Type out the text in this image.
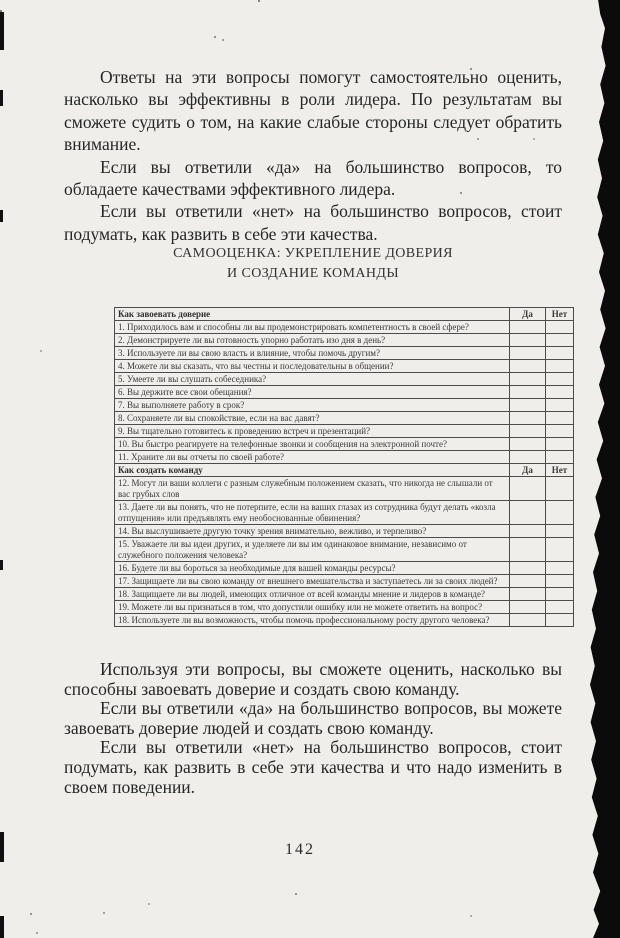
Ответы на эти вопросы помогут самостоятельно оценить, насколько вы эффективны в роли лидера. По результатам вы сможете судить о том, на какие слабые стороны следует обратить внимание.

Если вы ответили «да» на большинство вопросов, то обладаете качествами эффективного лидера.

Если вы ответили «нет» на большинство вопросов, стоит подумать, как развить в себе эти качества.

САМООЦЕНКА: УКРЕПЛЕНИЕ ДОВЕРИЯ
И СОЗДАНИЕ КОМАНДЫ
Как завоевать доверие	Да	Нет
1. Приходилось вам и способны ли вы продемонстрировать компетентность в своей сфере?		
2. Демонстрируете ли вы готовность упорно работать изо дня в день?		
3. Используете ли вы свою власть и влияние, чтобы помочь другим?		
4. Можете ли вы сказать, что вы честны и последовательны в общении?		
5. Умеете ли вы слушать собеседника?		
6. Вы держите все свои обещания?		
7. Вы выполняете работу в срок?		
8. Сохраняете ли вы спокойствие, если на вас давят?		
9. Вы тщательно готовитесь к проведению встреч и презентаций?		
10. Вы быстро реагируете на телефонные звонки и сообщения на электронной почте?		
11. Храните ли вы отчеты по своей работе?		
Как создать команду	Да	Нет
12. Могут ли ваши коллеги с разным служебным положением сказать, что никогда не слышали от вас грубых слов		
13. Даете ли вы понять, что не потерпите, если на ваших глазах из сотрудника будут делать «козла отпущения» или предъявлять ему необоснованные обвинения?		
14. Вы выслушиваете другую точку зрения внимательно, вежливо, и терпеливо?		
15. Уважаете ли вы идеи других, и уделяете ли вы им одинаковое внимание, независимо от служебного положения человека?		
16. Будете ли вы бороться за необходимые для вашей команды ресурсы?		
17. Защищаете ли вы свою команду от внешнего вмешательства и заступаетесь ли за своих людей?		
18. Защищаете ли вы людей, имеющих отличное от всей команды мнение и лидеров в команде?		
19. Можете ли вы признаться в том, что допустили ошибку или не можете ответить на вопрос?		
18. Используете ли вы возможность, чтобы помочь профессиональному росту другого человека?		

Используя эти вопросы, вы сможете оценить, насколько вы способны завоевать доверие и создать свою команду.

Если вы ответили «да» на большинство вопросов, вы можете завоевать доверие людей и создать свою команду.

Если вы ответили «нет» на большинство вопросов, стоит подумать, как развить в себе эти качества и что надо изменить в своем поведении.

142
